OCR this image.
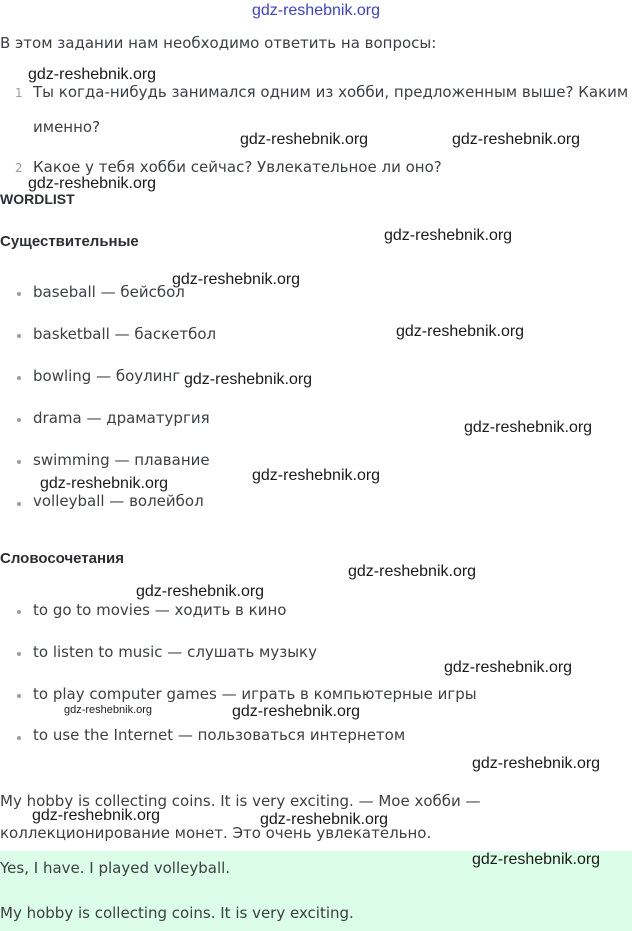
gdz-reshebnik.org
В этом задании нам необходимо ответить на вопросы:
1 Ты когда-нибудь занимался одним из хобби, предложенным выше? Каким
именно?
2 Какое у тебя хобби сейчас? Увлекательное ли оно?
WORDLIST
Существительные
baseball — бейсбол
basketball — баскетбол
bowling — боулинг
drama — драматургия
swimming — плавание
volleyball — волейбол
Словосочетания
to go to movies — ходить в кино
to listen to music — слушать музыку
to play computer games — играть в компьютерные игры
to use the Internet — пользоваться интернетом
My hobby is collecting coins. It is very exciting. — Мое хобби —
коллекционирование монет. Это очень увлекательно.
Yes, I have. I played volleyball.
My hobby is collecting coins. It is very exciting.
gdz-reshebnik.org
gdz-reshebnik.org	gdz-reshebnik.org
gdz-reshebnik.org
gdz-reshebnik.org
gdz-reshebnik.org
gdz-reshebnik.org
gdz-reshebnik.org
gdz-reshebnik.org
gdz-reshebnik.org
gdz-reshebnik.org
gdz-reshebnik.org
gdz-reshebnik.org
gdz-reshebnik.org
gdz-reshebnik.org	gdz-reshebnik.org
gdz-reshebnik.org
gdz-reshebnik.org	gdz-reshebnik.org
gdz-reshebnik.org
